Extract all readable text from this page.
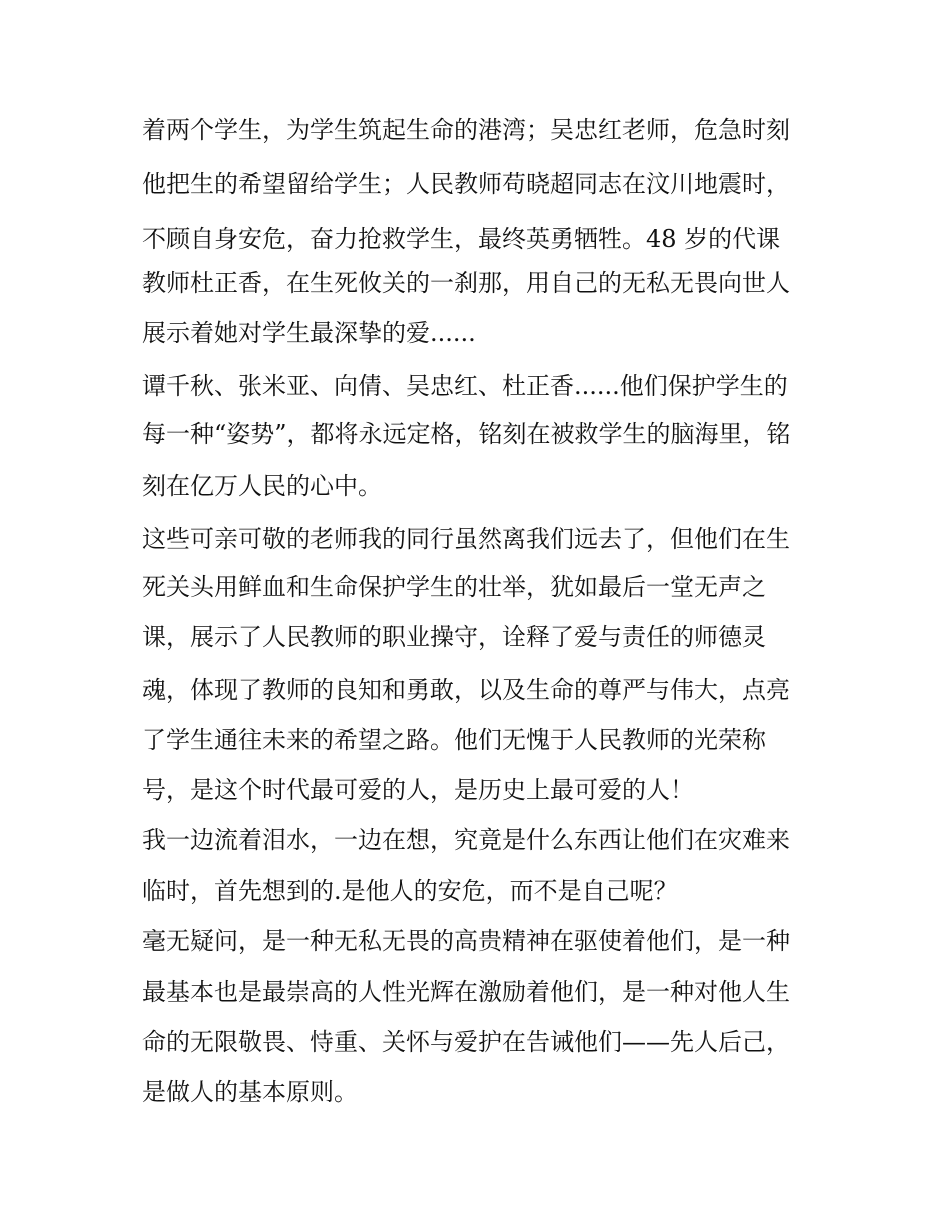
着两个学生，为学生筑起生命的港湾；吴忠红老师，危急时刻
他把生的希望留给学生；人民教师苟晓超同志在汶川地震时，
不顾自身安危，奋力抢救学生，最终英勇牺牲。48 岁的代课
教师杜正香，在生死攸关的一刹那，用自己的无私无畏向世人
展示着她对学生最深挚的爱......
谭千秋、张米亚、向倩、吴忠红、杜正香......他们保护学生的
每一种“姿势”，都将永远定格，铭刻在被救学生的脑海里，铭
刻在亿万人民的心中。
这些可亲可敬的老师我的同行虽然离我们远去了，但他们在生
死关头用鲜血和生命保护学生的壮举，犹如最后一堂无声之
课，展示了人民教师的职业操守，诠释了爱与责任的师德灵
魂，体现了教师的良知和勇敢，以及生命的尊严与伟大，点亮
了学生通往未来的希望之路。他们无愧于人民教师的光荣称
号，是这个时代最可爱的人，是历史上最可爱的人！
我一边流着泪水，一边在想，究竟是什么东西让他们在灾难来
临时，首先想到的.是他人的安危，而不是自己呢？
毫无疑问，是一种无私无畏的高贵精神在驱使着他们，是一种
最基本也是最崇高的人性光辉在激励着他们，是一种对他人生
命的无限敬畏、恃重、关怀与爱护在告诫他们——先人后己，
是做人的基本原则。
